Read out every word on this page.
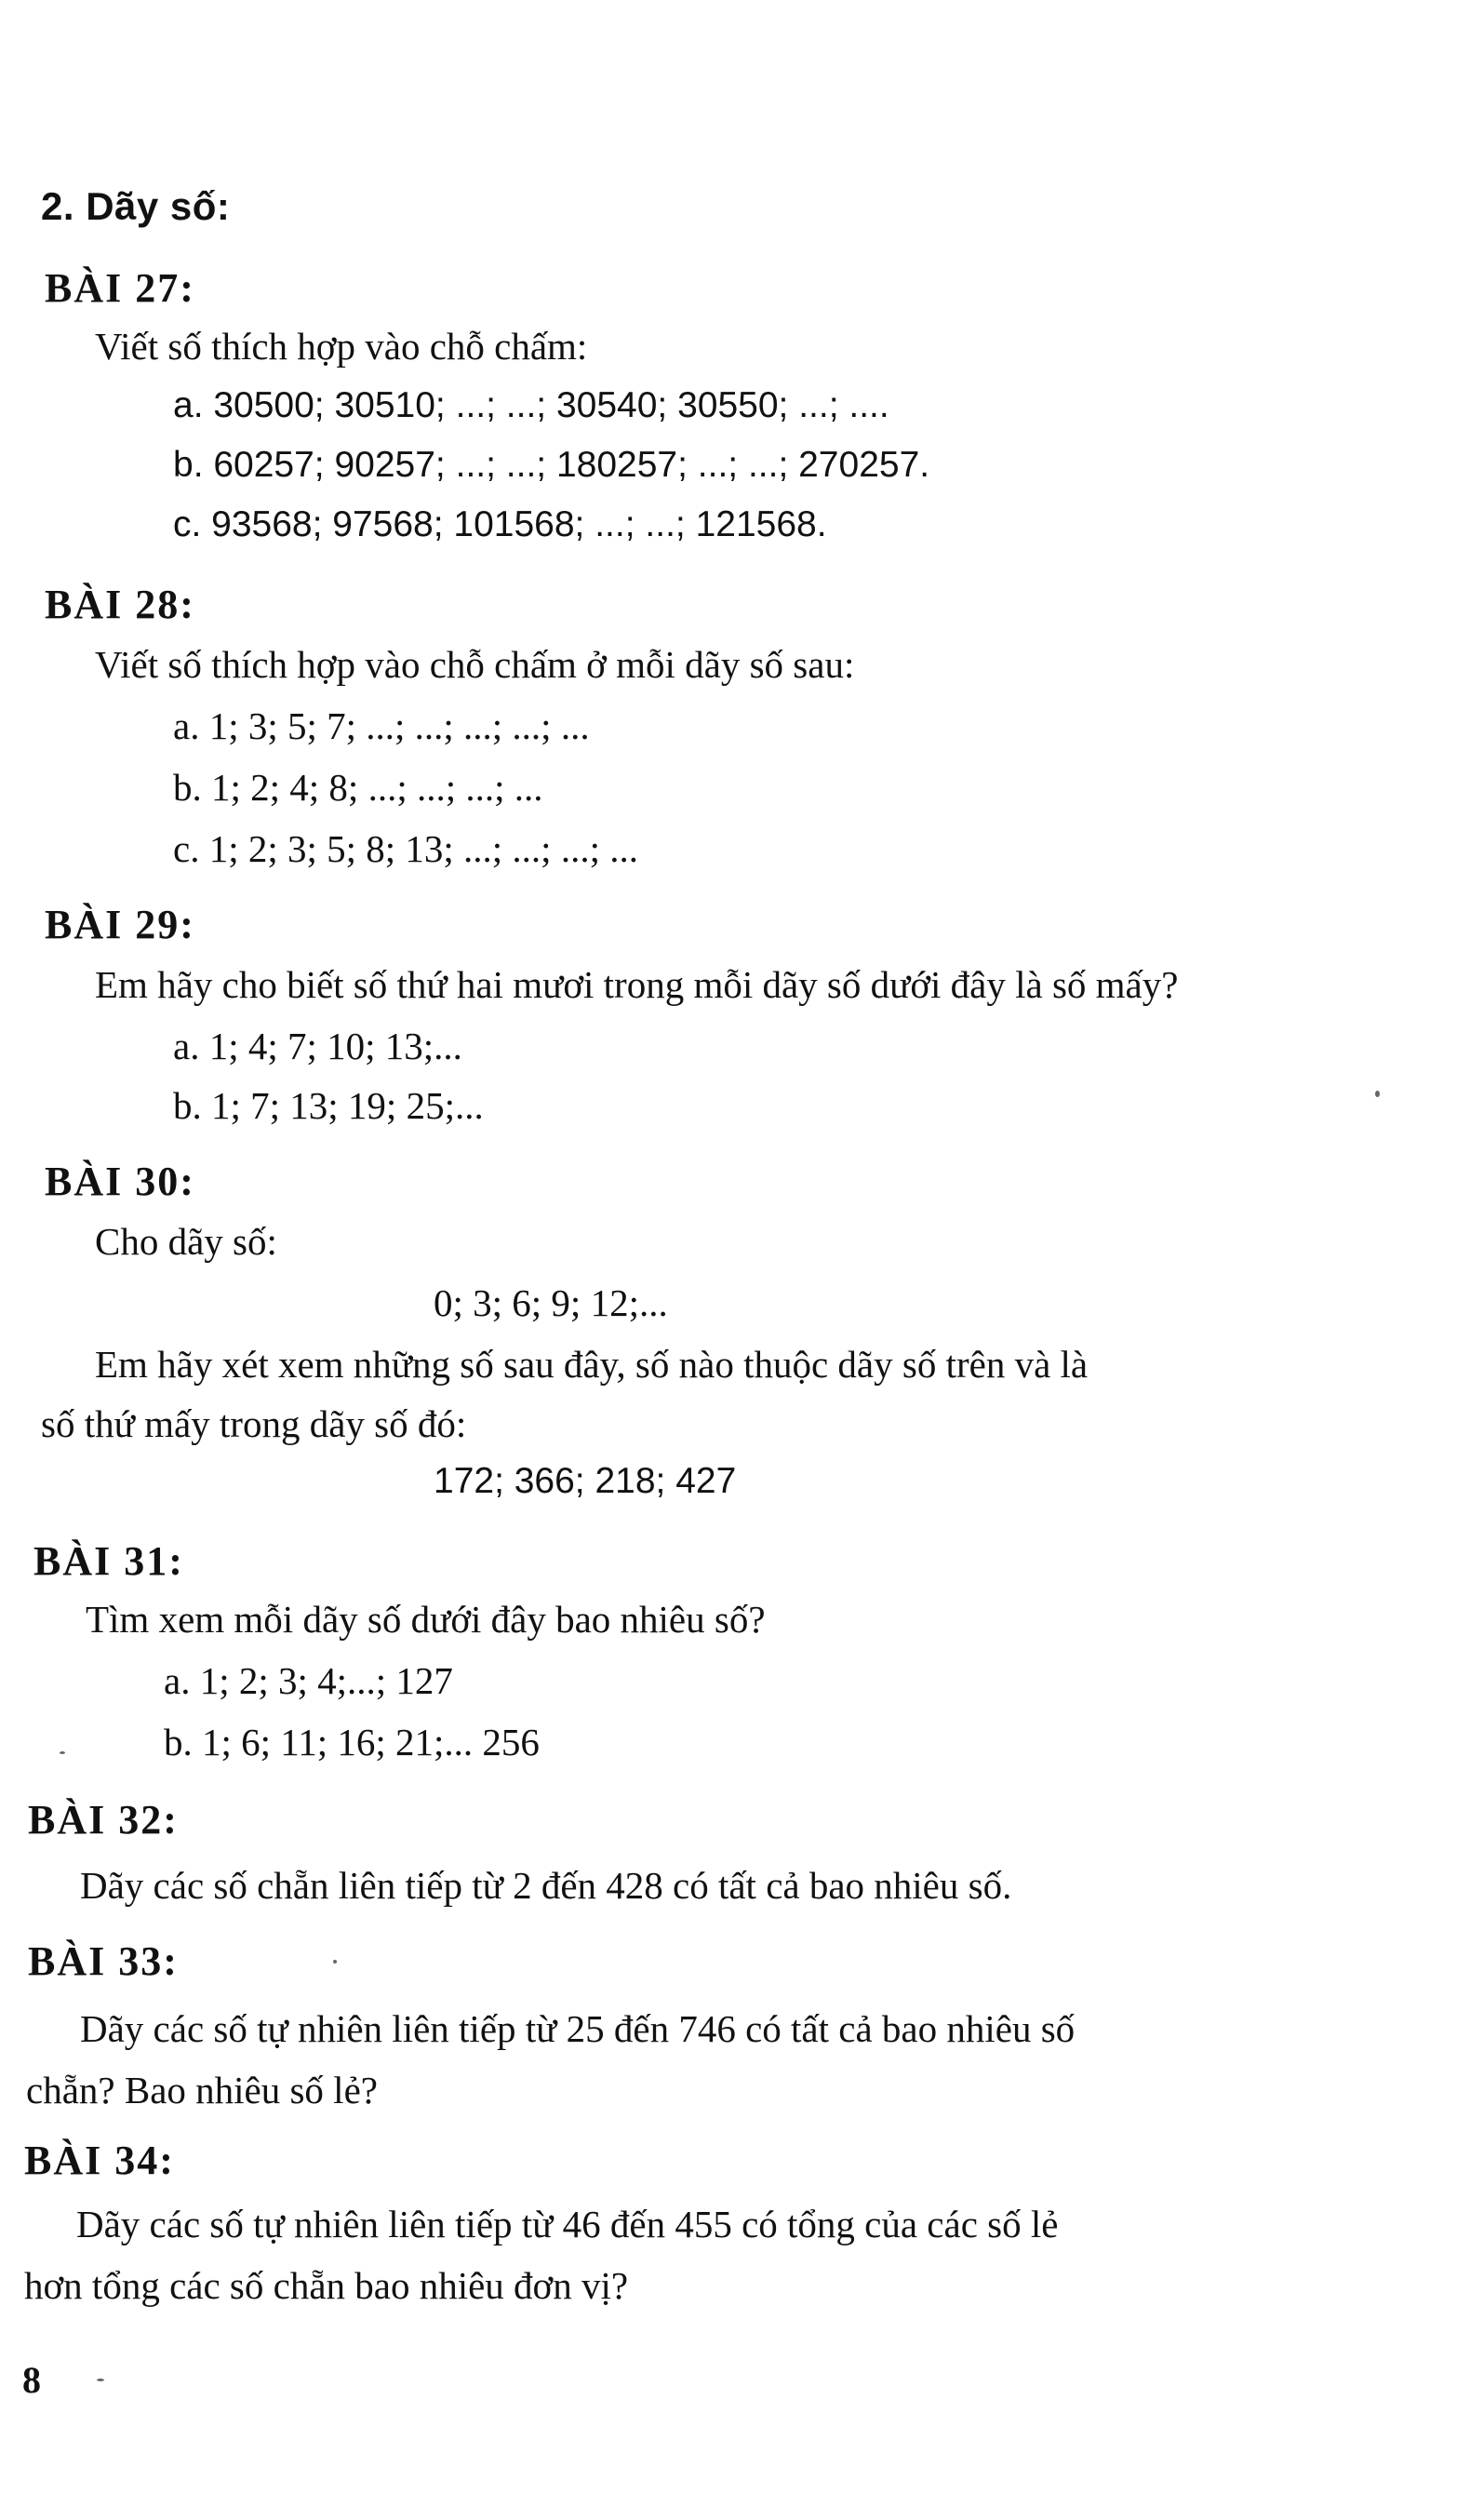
2. Dãy số:
BÀI 27:
Viết số thích hợp vào chỗ chấm:
a. 30500; 30510; ...; ...; 30540; 30550; ...; ....
b. 60257; 90257; ...; ...; 180257; ...; ...; 270257.
c. 93568; 97568; 101568; ...; ...; 121568.
BÀI 28:
Viết số thích hợp vào chỗ chấm ở mỗi dãy số sau:
a. 1; 3; 5; 7; ...; ...; ...; ...; ...
b. 1; 2; 4; 8; ...; ...; ...; ...
c. 1; 2; 3; 5; 8; 13; ...; ...; ...; ...
BÀI 29:
Em hãy cho biết số thứ hai mươi trong mỗi dãy số dưới đây là số mấy?
a. 1; 4; 7; 10; 13;...
b. 1; 7; 13; 19; 25;...
BÀI 30:
Cho dãy số:
0; 3; 6; 9; 12;...
Em hãy xét xem những số sau đây, số nào thuộc dãy số trên và là
số thứ mấy trong dãy số đó:
172; 366; 218; 427
BÀI 31:
Tìm xem mỗi dãy số dưới đây bao nhiêu số?
a. 1; 2; 3; 4;...; 127
b. 1; 6; 11; 16; 21;... 256
BÀI 32:
Dãy các số chẵn liên tiếp từ 2 đến 428 có tất cả bao nhiêu số.
BÀI 33:
Dãy các số tự nhiên liên tiếp từ 25 đến 746 có tất cả bao nhiêu số
chẵn? Bao nhiêu số lẻ?
BÀI 34:
Dãy các số tự nhiên liên tiếp từ 46 đến 455 có tổng của các số lẻ
hơn tổng các số chẵn bao nhiêu đơn vị?
8
